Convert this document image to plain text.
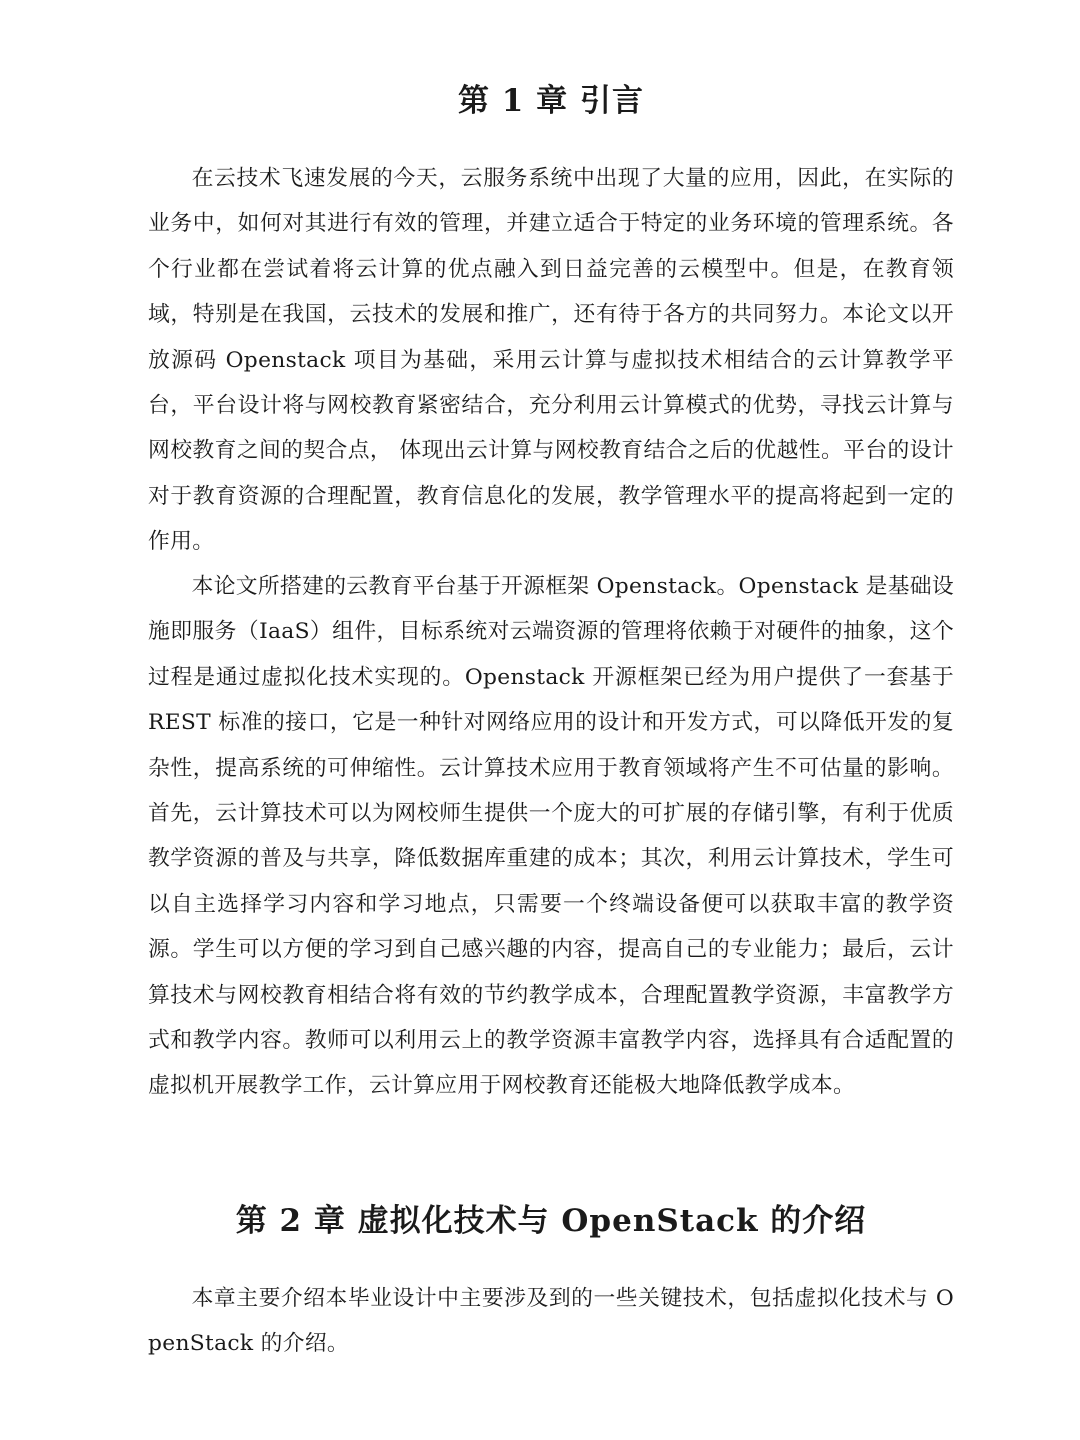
第 1 章 引言

在云技术飞速发展的今天，云服务系统中出现了大量的应用，因此，在实际的业务中，如何对其进行有效的管理，并建立适合于特定的业务环境的管理系统。各个行业都在尝试着将云计算的优点融入到日益完善的云模型中。但是，在教育领域，特别是在我国，云技术的发展和推广，还有待于各方的共同努力。本论文以开放源码 Openstack 项目为基础，采用云计算与虚拟技术相结合的云计算教学平台，平台设计将与网校教育紧密结合，充分利用云计算模式的优势，寻找云计算与网校教育之间的契合点， 体现出云计算与网校教育结合之后的优越性。平台的设计对于教育资源的合理配置，教育信息化的发展，教学管理水平的提高将起到一定的作用。

本论文所搭建的云教育平台基于开源框架 Openstack。Openstack 是基础设施即服务（IaaS）组件，目标系统对云端资源的管理将依赖于对硬件的抽象，这个过程是通过虚拟化技术实现的。Openstack 开源框架已经为用户提供了一套基于 REST 标准的接口，它是一种针对网络应用的设计和开发方式，可以降低开发的复杂性，提高系统的可伸缩性。云计算技术应用于教育领域将产生不可估量的影响。首先，云计算技术可以为网校师生提供一个庞大的可扩展的存储引擎，有利于优质教学资源的普及与共享，降低数据库重建的成本；其次，利用云计算技术，学生可以自主选择学习内容和学习地点，只需要一个终端设备便可以获取丰富的教学资源。学生可以方便的学习到自己感兴趣的内容，提高自己的专业能力；最后，云计算技术与网校教育相结合将有效的节约教学成本，合理配置教学资源，丰富教学方式和教学内容。教师可以利用云上的教学资源丰富教学内容，选择具有合适配置的虚拟机开展教学工作，云计算应用于网校教育还能极大地降低教学成本。

第 2 章 虚拟化技术与 OpenStack 的介绍

本章主要介绍本毕业设计中主要涉及到的一些关键技术，包括虚拟化技术与 OpenStack 的介绍。
